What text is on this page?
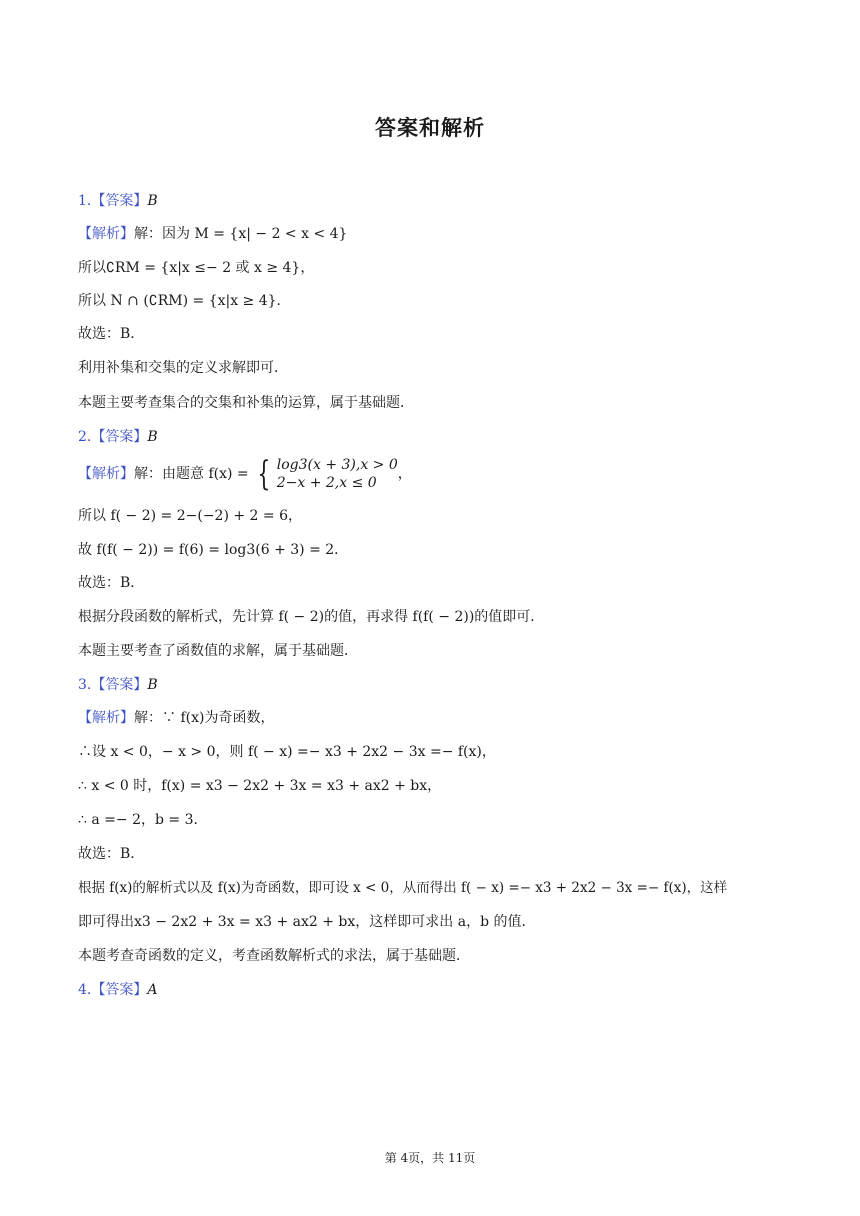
答案和解析
1.【答案】B
【解析】解：因为 M = {x| − 2 < x < 4}
所以∁RM = {x|x ≤− 2 或 x ≥ 4}，
所以 N ∩ (∁RM) = {x|x ≥ 4}.
故选：B．
利用补集和交集的定义求解即可．
本题主要考查集合的交集和补集的运算，属于基础题．
2.【答案】B
【解析】解：由题意 f(x) = { log3(x + 3),x > 0
2−x + 2,x ≤ 0
，
所以 f( − 2) = 2−(−2) + 2 = 6，
故 f(f( − 2)) = f(6) = log3(6 + 3) = 2．
故选：B．
根据分段函数的解析式，先计算 f( − 2)的值，再求得 f(f( − 2))的值即可．
本题主要考查了函数值的求解，属于基础题．
3.【答案】B
【解析】解：∵ f(x)为奇函数，
∴设 x < 0，− x > 0，则 f( − x) =− x3 + 2x2 − 3x =− f(x)，
∴ x < 0 时，f(x) = x3 − 2x2 + 3x = x3 + ax2 + bx，
∴ a =− 2，b = 3．
故选：B．
根据 f(x)的解析式以及 f(x)为奇函数，即可设 x < 0，从而得出 f( − x) =− x3 + 2x2 − 3x =− f(x)，这样
即可得出x3 − 2x2 + 3x = x3 + ax2 + bx，这样即可求出 a，b 的值．
本题考查奇函数的定义，考查函数解析式的求法，属于基础题．
4.【答案】A
第 4页，共 11页
